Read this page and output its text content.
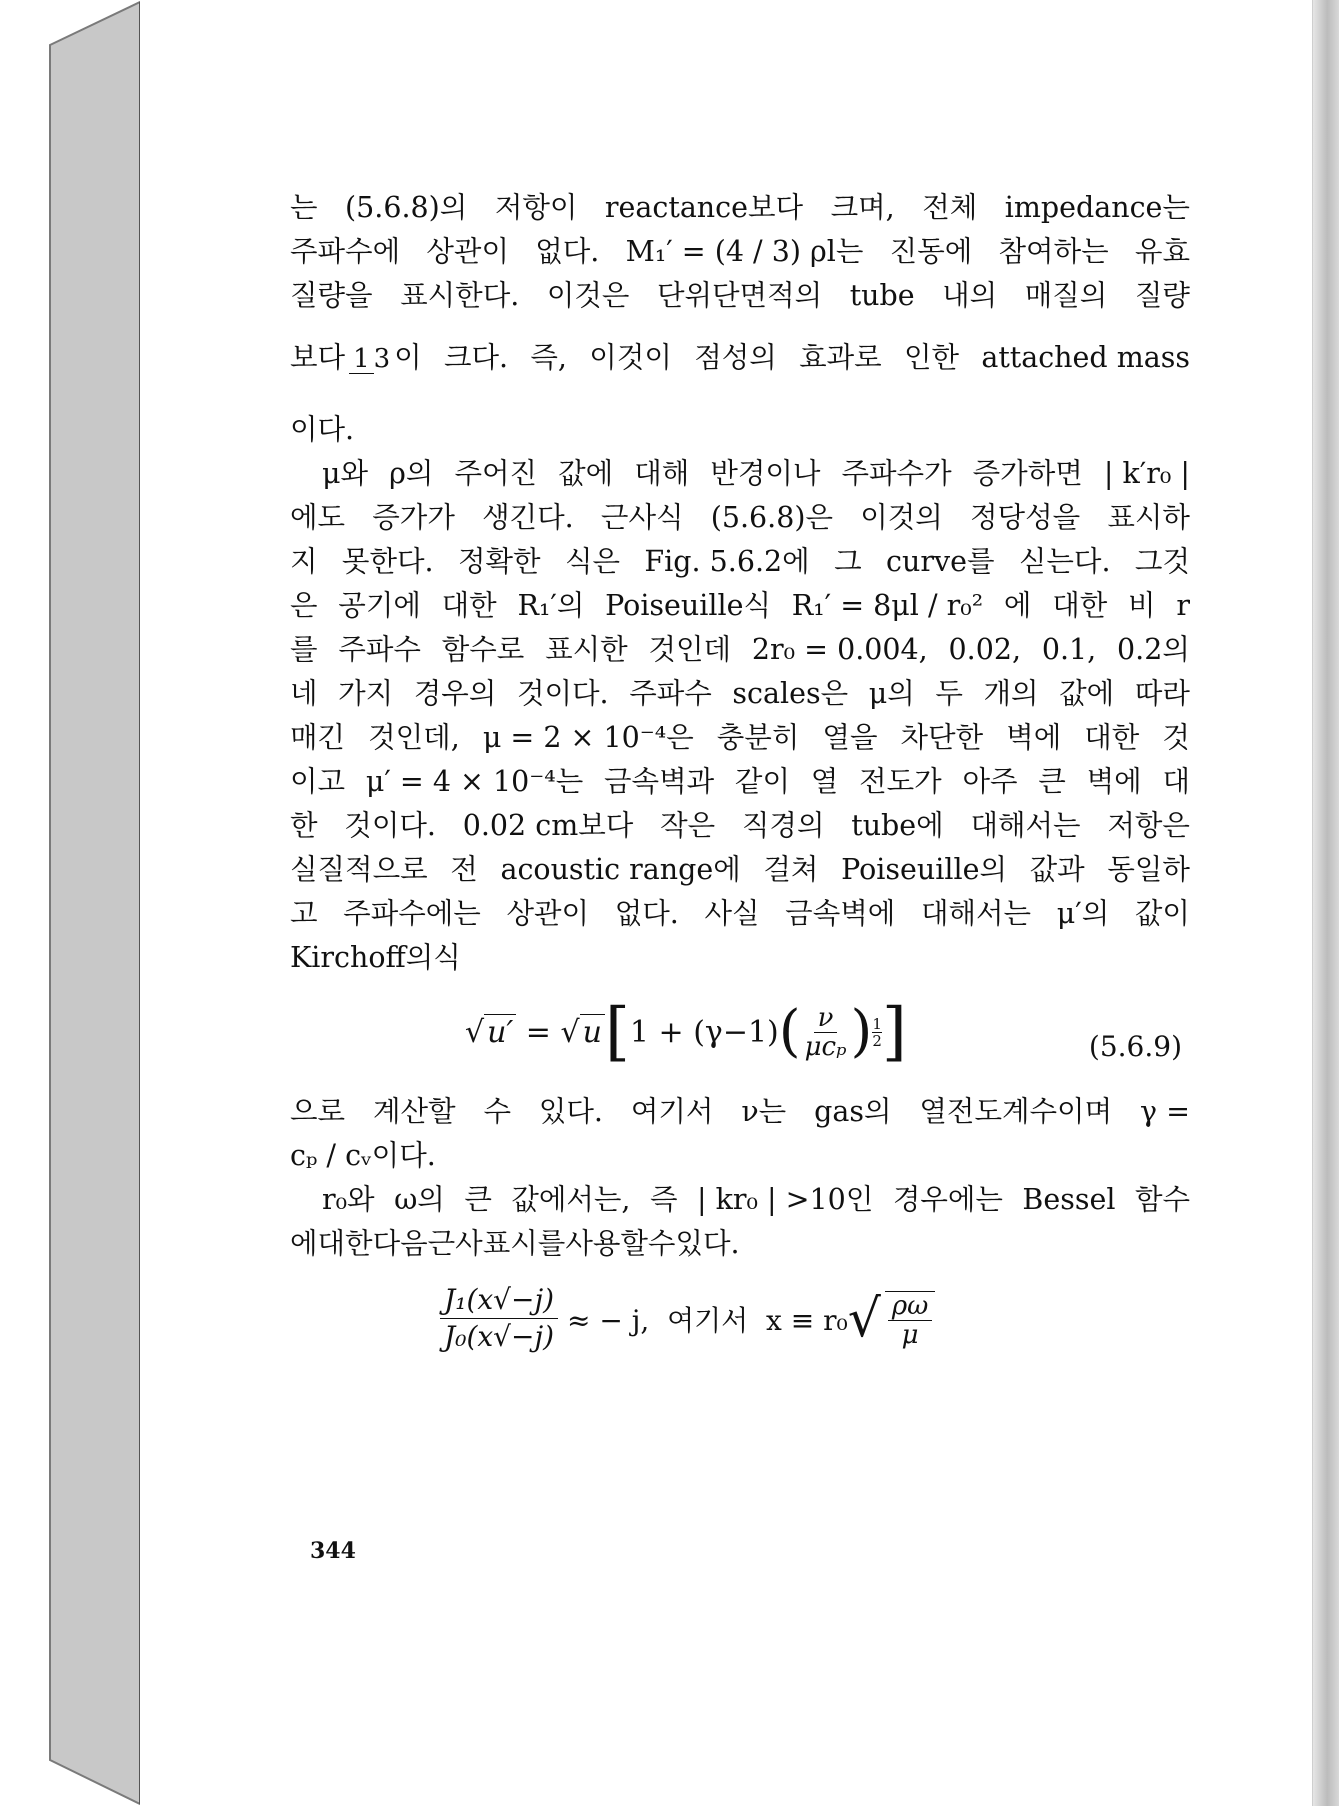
는 (5.6.8)의 저항이 reactance보다 크며, 전체 impedance는
주파수에 상관이 없다. M₁′ = (4 / 3) ρl는 진동에 참여하는 유효
질량을 표시한다. 이것은 단위단면적의 tube 내의 매질의 질량
보다 1 3 이 크다. 즉, 이것이 점성의 효과로 인한 attached mass
이다.
μ와 ρ의 주어진 값에 대해 반경이나 주파수가 증가하면 | k′r₀ |
에도 증가가 생긴다. 근사식 (5.6.8)은 이것의 정당성을 표시하
지 못한다. 정확한 식은 Fig. 5.6.2에 그 curve를 싣는다. 그것
은 공기에 대한 R₁′의 Poiseuille식 R₁′ = 8μl / r₀² 에 대한 비 r
를 주파수 함수로 표시한 것인데 2r₀ = 0.004, 0.02, 0.1, 0.2의
네 가지 경우의 것이다. 주파수 scales은 μ의 두 개의 값에 따라
매긴 것인데, μ = 2 × 10⁻⁴은 충분히 열을 차단한 벽에 대한 것
이고 μ′ = 4 × 10⁻⁴는 금속벽과 같이 열 전도가 아주 큰 벽에 대
한 것이다. 0.02 cm보다 작은 직경의 tube에 대해서는 저항은
실질적으로 전 acoustic range에 걸쳐 Poiseuille의 값과 동일하
고 주파수에는 상관이 없다. 사실 금속벽에 대해서는 μ′의 값이
Kirchoff의 식
√ u′ = √ u [ 1 + (γ−1) ( $\frac{\nu}{\text{μcₚ}}$ ) $\frac{1}{2}$ ]	(5.6.9)
으로 계산할 수 있다. 여기서 ν는 gas의 열전도계수이며 γ =
cₚ / cᵥ이다.
r₀와 ω의 큰 값에서는, 즉 | kr₀ | >10인 경우에는 Bessel 함수
에 대한 다음 근사 표시를 사용할 수 있다.
$\frac{\text{J₁(x√−j)}}{\text{J₀(x√−j)}}$ ≈ − j,  여기서  x ≡ r₀ √ $\frac{\rho\omega}{\mu}$
344
